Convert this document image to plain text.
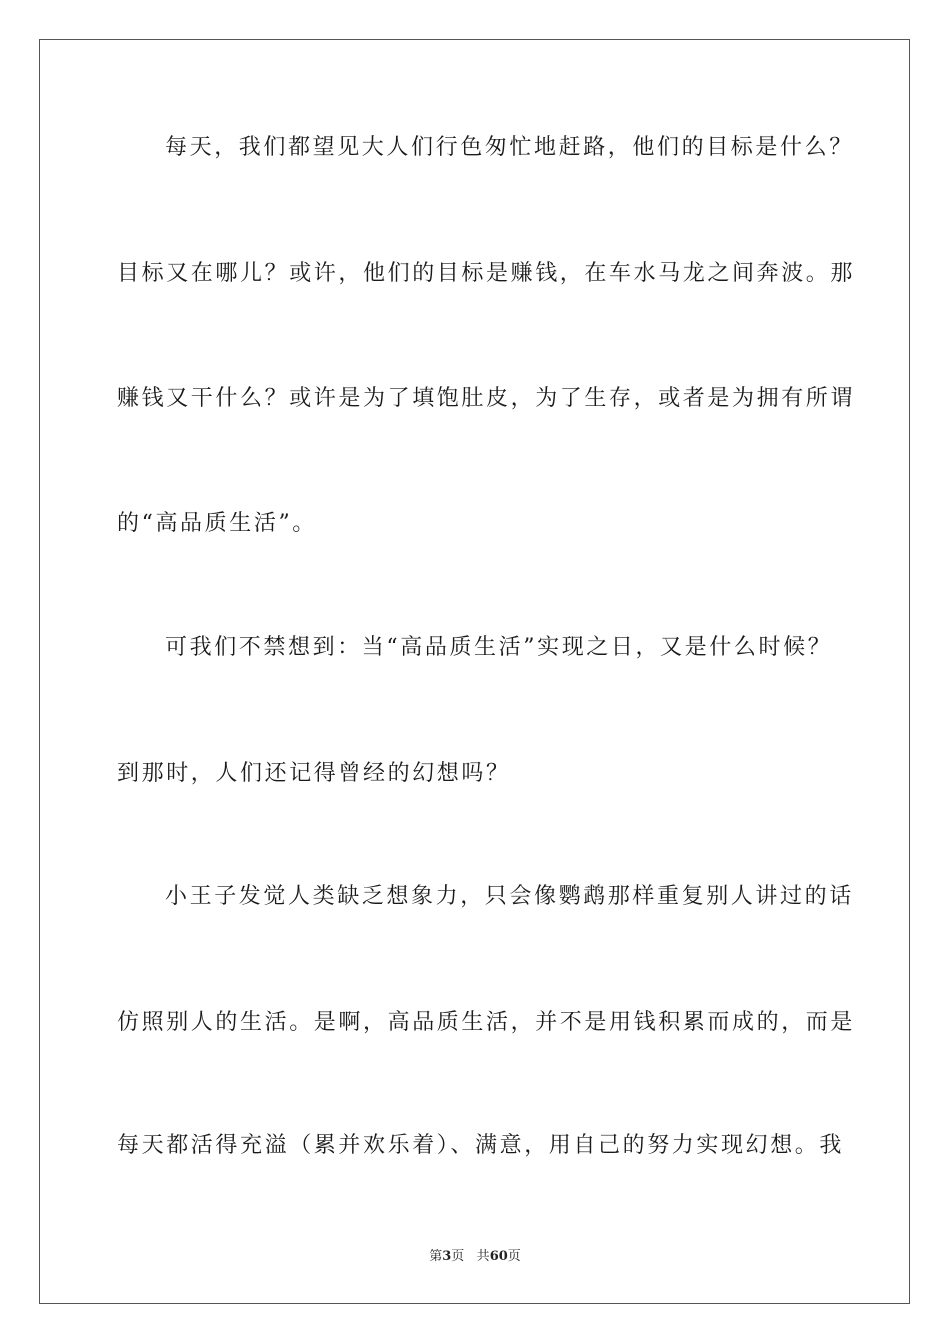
每天，我们都望见大人们行色匆忙地赶路，他们的目标是什么？
目标又在哪儿？或许，他们的目标是赚钱，在车水马龙之间奔波。那
赚钱又干什么？或许是为了填饱肚皮，为了生存，或者是为拥有所谓
的“高品质生活”。
可我们不禁想到：当“高品质生活”实现之日，又是什么时候？
到那时，人们还记得曾经的幻想吗？
小王子发觉人类缺乏想象力，只会像鹦鹉那样重复别人讲过的话
仿照别人的生活。是啊，高品质生活，并不是用钱积累而成的，而是
每天都活得充溢（累并欢乐着）、满意，用自己的努力实现幻想。我
第3页 共60页
